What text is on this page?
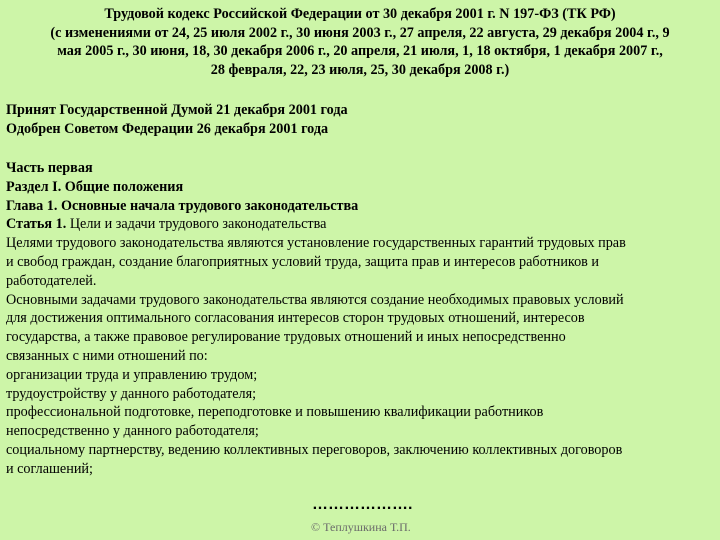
Трудовой кодекс Российской Федерации от 30 декабря 2001 г. N 197-ФЗ (ТК РФ)
(с изменениями от 24, 25 июля 2002 г., 30 июня 2003 г., 27 апреля, 22 августа, 29 декабря 2004 г., 9
мая 2005 г., 30 июня, 18, 30 декабря 2006 г., 20 апреля, 21 июля, 1, 18 октября, 1 декабря 2007 г.,
28 февраля, 22, 23 июля, 25, 30 декабря 2008 г.)
Принят Государственной Думой 21 декабря 2001 года
Одобрен Советом Федерации 26 декабря 2001 года
Часть первая
Раздел I. Общие положения
Глава 1. Основные начала трудового законодательства
Статья 1. Цели и задачи трудового законодательства
Целями трудового законодательства являются установление государственных гарантий трудовых прав
и свобод граждан, создание благоприятных условий труда, защита прав и интересов работников и
работодателей.
Основными задачами трудового законодательства являются создание необходимых правовых условий
для достижения оптимального согласования интересов сторон трудовых отношений, интересов
государства, а также правовое регулирование трудовых отношений и иных непосредственно
связанных с ними отношений по:
организации труда и управлению трудом;
трудоустройству у данного работодателя;
профессиональной подготовке, переподготовке и повышению квалификации работников
непосредственно у данного работодателя;
социальному партнерству, ведению коллективных переговоров, заключению коллективных договоров
и соглашений;
……………….
© Теплушкина Т.П.
